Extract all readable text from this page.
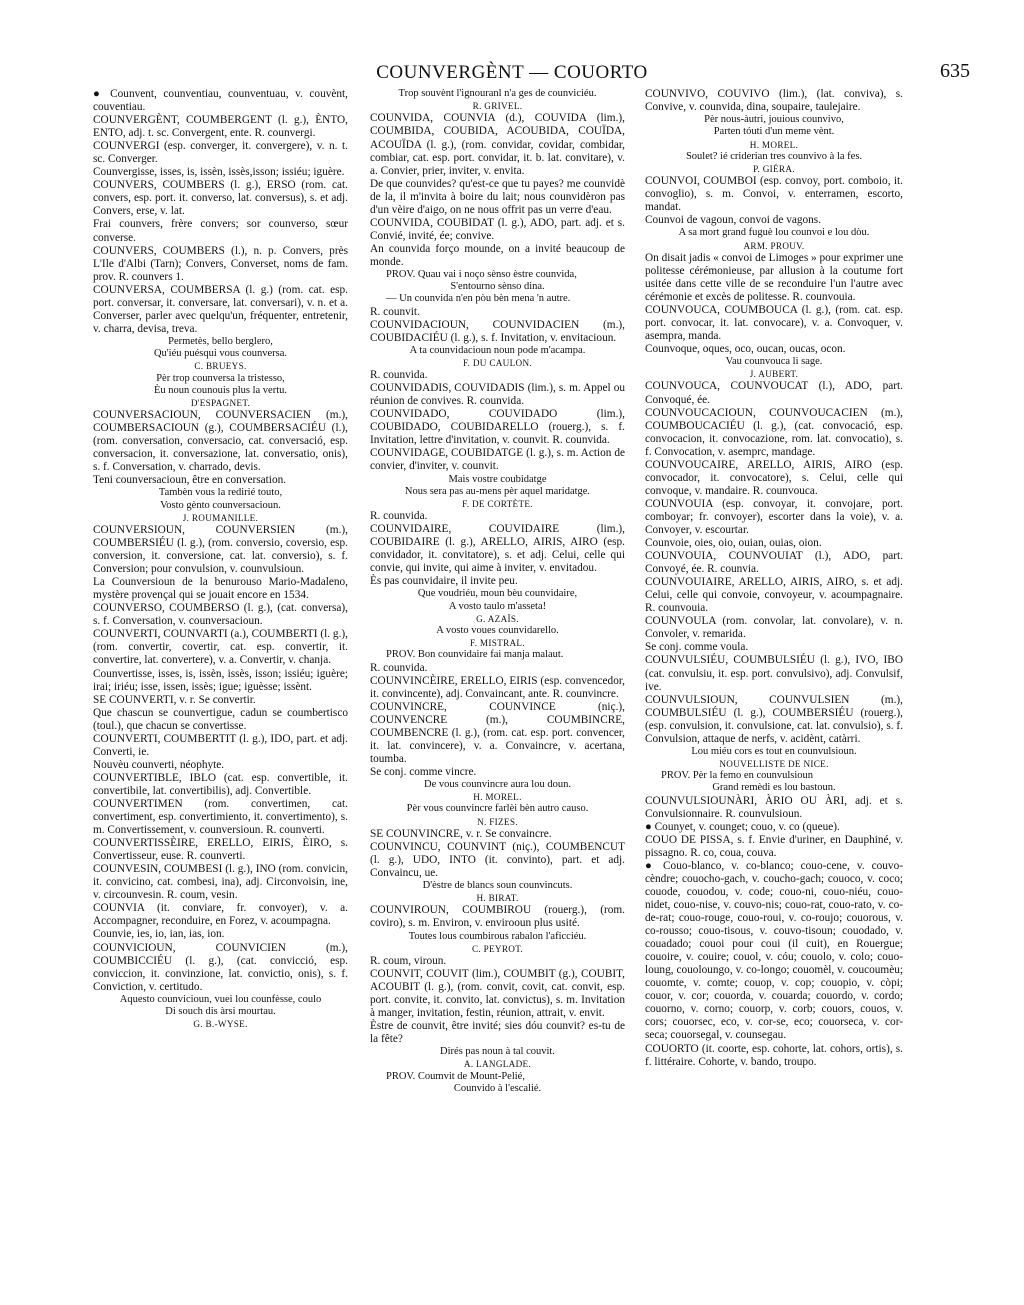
COUNVERGÈNT — COUORTO	635

● Counvent, counventiau, counventuau, v. couvènt, couventiau.

COUNVERGÈNT, COUMBERGENT (l. g.), ÈNTO, ENTO, adj. t. sc. Convergent, ente. R. counvergi.

COUNVERGI (esp. converger, it. convergere), v. n. t. sc. Converger.

Counvergisse, isses, is, issèn, issès,isson; issiéu; iguère.

COUNVERS, COUMBERS (l. g.), ERSO (rom. cat. convers, esp. port. it. converso, lat. conversus), s. et adj. Convers, erse, v. lat.

Frai counvers, frère convers; sor counverso, sœur converse.

COUNVERS, COUMBERS (l.), n. p. Convers, près L'Ile d'Albi (Tarn); Convers, Converset, noms de fam. prov. R. counvers 1.

COUNVERSA, COUMBERSA (l. g.) (rom. cat. esp. port. conversar, it. conversare, lat. conversari), v. n. et a. Converser, parler avec quelqu'un, fréquenter, entretenir, v. charra, devisa, treva.

Permetès, bello berglero,

Qu'iéu puésqui vous counversa.

C. BRUEYS.

Pèr trop counversa la tristesso,

Èu noun counouis plus la vertu.

D'ESPAGNET.

COUNVERSACIOUN, COUNVERSACIEN (m.), COUMBERSACIOUN (g.), COUMBERSACIÉU (l.), (rom. conversation, conversacio, cat. conversació, esp. conversacion, it. conversazione, lat. conversatio, onis), s. f. Conversation, v. charrado, devis.

Teni counversacioun, être en conversation.

Tambèn vous la redirié touto,

Vosto gènto counversacioun.

J. ROUMANILLE.

COUNVERSIOUN, COUNVERSIEN (m.), COUMBERSIÉU (l. g.), (rom. conversio, coversio, esp. conversion, it. conversione, cat. lat. conversio), s. f. Conversion; pour convulsion, v. counvulsioun.

La Counversioun de la benurouso Mario-Madaleno, mystère provençal qui se jouait encore en 1534.

COUNVERSO, COUMBERSO (l. g.), (cat. conversa), s. f. Conversation, v. counversacioun.

COUNVERTI, COUNVARTI (a.), COUMBERTI (l. g.), (rom. convertir, covertir, cat. esp. convertir, it. convertire, lat. convertere), v. a. Convertir, v. chanja.

Counvertisse, isses, is, issèn, issès, isson; issiéu; iguère; irai; iriéu; isse, issen, issès; igue; iguèsse; issènt.

SE COUNVERTI, v. r. Se convertir.

Que chascun se counvertigue, cadun se coumbertisco (toul.), que chacun se convertisse.

COUNVERTI, COUMBERTIT (l. g.), IDO, part. et adj. Converti, ie.

Nouvèu counverti, néophyte.

COUNVERTIBLE, IBLO (cat. esp. convertible, it. convertibile, lat. convertibilis), adj. Convertible.

COUNVERTIMEN (rom. convertimen, cat. convertiment, esp. convertimiento, it. convertimento), s. m. Convertissement, v. counversioun. R. counverti.

COUNVERTISSÈIRE, ERELLO, EIRIS, ÈIRO, s. Convertisseur, euse. R. counverti.

COUNVESIN, COUMBESI (l. g.), INO (rom. convicin, it. convicino, cat. combesi, ina), adj. Circonvoisin, ine, v. circounvesin. R. coum, vesin.

COUNVIA (it. conviare, fr. convoyer), v. a. Accompagner, reconduire, en Forez, v. acoumpagna.

Counvie, ies, io, ian, ias, ion.

COUNVICIOUN, COUNVICIEN (m.), COUMBICCIÉU (l. g.), (cat. convicció, esp. conviccion, it. convinzione, lat. convictio, onis), s. f. Conviction, v. certitudo.

Aquesto counvicioun, vuei lou counfèsse, coulo

Di souch dis àrsi mourtau.

G. B.-WYSE.

Trop souvènt l'ignouranl n'a ges de counviciéu.

R. GRIVEL.

COUNVIDA, COUNVIA (d.), COUVIDA (lim.), COUMBIDA, COUBIDA, ACOUBIDA, COUÏDA, ACOUÏDA (l. g.), (rom. convidar, covidar, combidar, combiar, cat. esp. port. convidar, it. b. lat. convitare), v. a. Convier, prier, inviter, v. envita.

De que counvides? qu'est-ce que tu payes? me counvidè de la, il m'invita à boire du lait; nous counvidèron pas d'un vèire d'aigo, on ne nous offrit pas un verre d'eau.

COUNVIDA, COUBIDAT (l. g.), ADO, part. adj. et s. Convié, invité, ée; convive.

An counvida forço mounde, on a invité beaucoup de monde.

PROV. Quau vai i noço sènso èstre counvida,

S'entourno sènso dina.

— Un counvida n'en pòu bèn mena 'n autre.

R. counvit.

COUNVIDACIOUN, COUNVIDACIEN (m.), COUBIDACIÉU (l. g.), s. f. Invitation, v. envitacioun.

A ta counvidacioun noun pode m'acampa.

F. DU CAULON.

R. counvida.

COUNVIDADIS, COUVIDADIS (lim.), s. m. Appel ou réunion de convives. R. counvida.

COUNVIDADO, COUVIDADO (lim.), COUBIDADO, COUBIDARELLO (rouerg.), s. f. Invitation, lettre d'invitation, v. counvit. R. counvida.

COUNVIDAGE, COUBIDATGE (l. g.), s. m. Action de convier, d'inviter, v. counvit.

Mais vostre coubidatge

Nous sera pas au-mens pèr aquel maridatge.

F. DE CORTÈTE.

R. counvida.

COUNVIDAIRE, COUVIDAIRE (lim.), COUBIDAIRE (l. g.), ARELLO, AIRIS, AIRO (esp. convidador, it. convitatore), s. et adj. Celui, celle qui convie, qui invite, qui aime à inviter, v. envitadou.

Ès pas counvidaire, il invite peu.

Que voudriéu, moun bèu counvidaire,

A vosto taulo m'asseta!

G. AZAÏS.

A vosto voues counvidarello.

F. MISTRAL.

PROV. Bon counvidaire fai manja malaut.

R. counvida.

COUNVINCÈIRE, ERELLO, EIRIS (esp. convencedor, it. convincente), adj. Convaincant, ante. R. counvincre.

COUNVINCRE, COUNVINCE (niç.), COUNVENCRE (m.), COUMBINCRE, COUMBENCRE (l. g.), (rom. cat. esp. port. convencer, it. lat. convincere), v. a. Convaincre, v. acertana, toumba.

Se conj. comme vincre.

De vous counvincre aura lou doun.

H. MOREL.

Pèr vous counvincre farlèi bèn autro causo.

N. FIZES.

SE COUNVINCRE, v. r. Se convaincre.

COUNVINCU, COUNVINT (niç.), COUMBENCUT (l. g.), UDO, INTO (it. convinto), part. et adj. Convaincu, ue.

D'èstre de blancs soun counvincuts.

H. BIRAT.

COUNVIROUN, COUMBIROU (rouerg.), (rom. coviro), s. m. Environ, v. envirooun plus usité.

Toutes lous coumbirous rabalon l'aficciéu.

C. PEYROT.

R. coum, viroun.

COUNVIT, COUVIT (lim.), COUMBIT (g.), COUBIT, ACOUBIT (l. g.), (rom. convit, covit, cat. convit, esp. port. convite, it. convito, lat. convictus), s. m. Invitation à manger, invitation, festin, réunion, attrait, v. envit.

Èstre de counvit, être invité; sies dóu counvit? es-tu de la fête?

Dirés pas noun à tal couvit.

A. LANGLADE.

PROV. Coumvit de Mount-Pelié,

Counvido à l'escalié.

COUNVIVO, COUVIVO (lim.), (lat. conviva), s. Convive, v. counvida, dina, soupaire, taulejaire.

Pèr nous-àutri, jouious counvivo,

Parten tóuti d'un meme vènt.

H. MOREL.

Soulet? ié criderian tres counvivo à la fes.

P. GIÉRA.

COUNVOI, COUMBOI (esp. convoy, port. comboio, it. convoglio), s. m. Convoi, v. enterramen, escorto, mandat.

Counvoi de vagoun, convoi de vagons.

A sa mort grand fuguè lou counvoi e lou dòu.

ARM. PROUV.

On disait jadis « convoi de Limoges » pour exprimer une politesse cérémonieuse, par allusion à la coutume fort usitée dans cette ville de se reconduire l'un l'autre avec cérémonie et excès de politesse. R. counvouia.

COUNVOUCA, COUMBOUCA (l. g.), (rom. cat. esp. port. convocar, it. lat. convocare), v. a. Convoquer, v. asempra, manda.

Counvoque, oques, oco, oucan, oucas, ocon.

Vau counvouca li sage.

J. AUBERT.

COUNVOUCA, COUNVOUCAT (l.), ADO, part. Convoqué, ée.

COUNVOUCACIOUN, COUNVOUCACIEN (m.), COUMBOUCACIÉU (l. g.), (cat. convocació, esp. convocacion, it. convocazione, rom. lat. convocatio), s. f. Convocation, v. asemprc, mandage.

COUNVOUCAIRE, ARELLO, AIRIS, AIRO (esp. convocador, it. convocatore), s. Celui, celle qui convoque, v. mandaire. R. counvouca.

COUNVOUIA (esp. convoyar, it. convojare, port. comboyar; fr. convoyer), escorter dans la voie), v. a. Convoyer, v. escourtar.

Counvoie, oies, oio, ouian, ouias, oion.

COUNVOUIA, COUNVOUIAT (l.), ADO, part. Convoyé, ée. R. counvia.

COUNVOUIAIRE, ARELLO, AIRIS, AIRO, s. et adj. Celui, celle qui convoie, convoyeur, v. acoumpagnaire. R. counvouia.

COUNVOULA (rom. convolar, lat. convolare), v. n. Convoler, v. remarida.

Se conj. comme voula.

COUNVULSIÉU, COUMBULSIÉU (l. g.), IVO, IBO (cat. convulsiu, it. esp. port. convulsivo), adj. Convulsif, ive.

COUNVULSIOUN, COUNVULSIEN (m.), COUMBULSIÉU (l. g.), COUMBERSIÉU (rouerg.), (esp. convulsion, it. convulsione, cat. lat. convulsio), s. f. Convulsion, attaque de nerfs, v. acidènt, catàrri.

Lou miéu cors es tout en counvulsioun.

NOUVELLISTE DE NICE.

PROV. Pèr la femo en counvulsioun

Grand remèdi es lou bastoun.

COUNVULSIOUNÀRI, ÀRIO OU ÀRI, adj. et s. Convulsionnaire. R. counvulsioun.

● Counyet, v. counget; couo, v. co (queue).

COUO DE PISSA, s. f. Envie d'uriner, en Dauphiné, v. pissagno. R. co, coua, couva.

● Couo-blanco, v. co-blanco; couo-cene, v. couvo-cèndre; couocho-gach, v. coucho-gach; couoco, v. coco; couode, couodou, v. code; couo-ni, couo-niéu, couo-nidet, couo-nise, v. couvo-nis; couo-rat, couo-rato, v. co-de-rat; couo-rouge, couo-roui, v. co-roujo; couorous, v. co-rousso; couo-tisous, v. couvo-tisoun; couodado, v. couadado; couoi pour coui (il cuit), en Rouergue; couoire, v. couire; couol, v. cóu; couolo, v. colo; couo-loung, couoloungo, v. co-longo; couomèl, v. coucoumèu; couomte, v. comte; couop, v. cop; couopio, v. còpi; couor, v. cor; couorda, v. couarda; couordo, v. cordo; couorno, v. corno; couorp, v. corb; couors, couos, v. cors; couorsec, eco, v. cor-se, eco; couorseca, v. cor-seca; couorsegal, v. counsegau.

COUORTO (it. coorte, esp. cohorte, lat. cohors, ortis), s. f. littéraire. Cohorte, v. bando, troupo.
